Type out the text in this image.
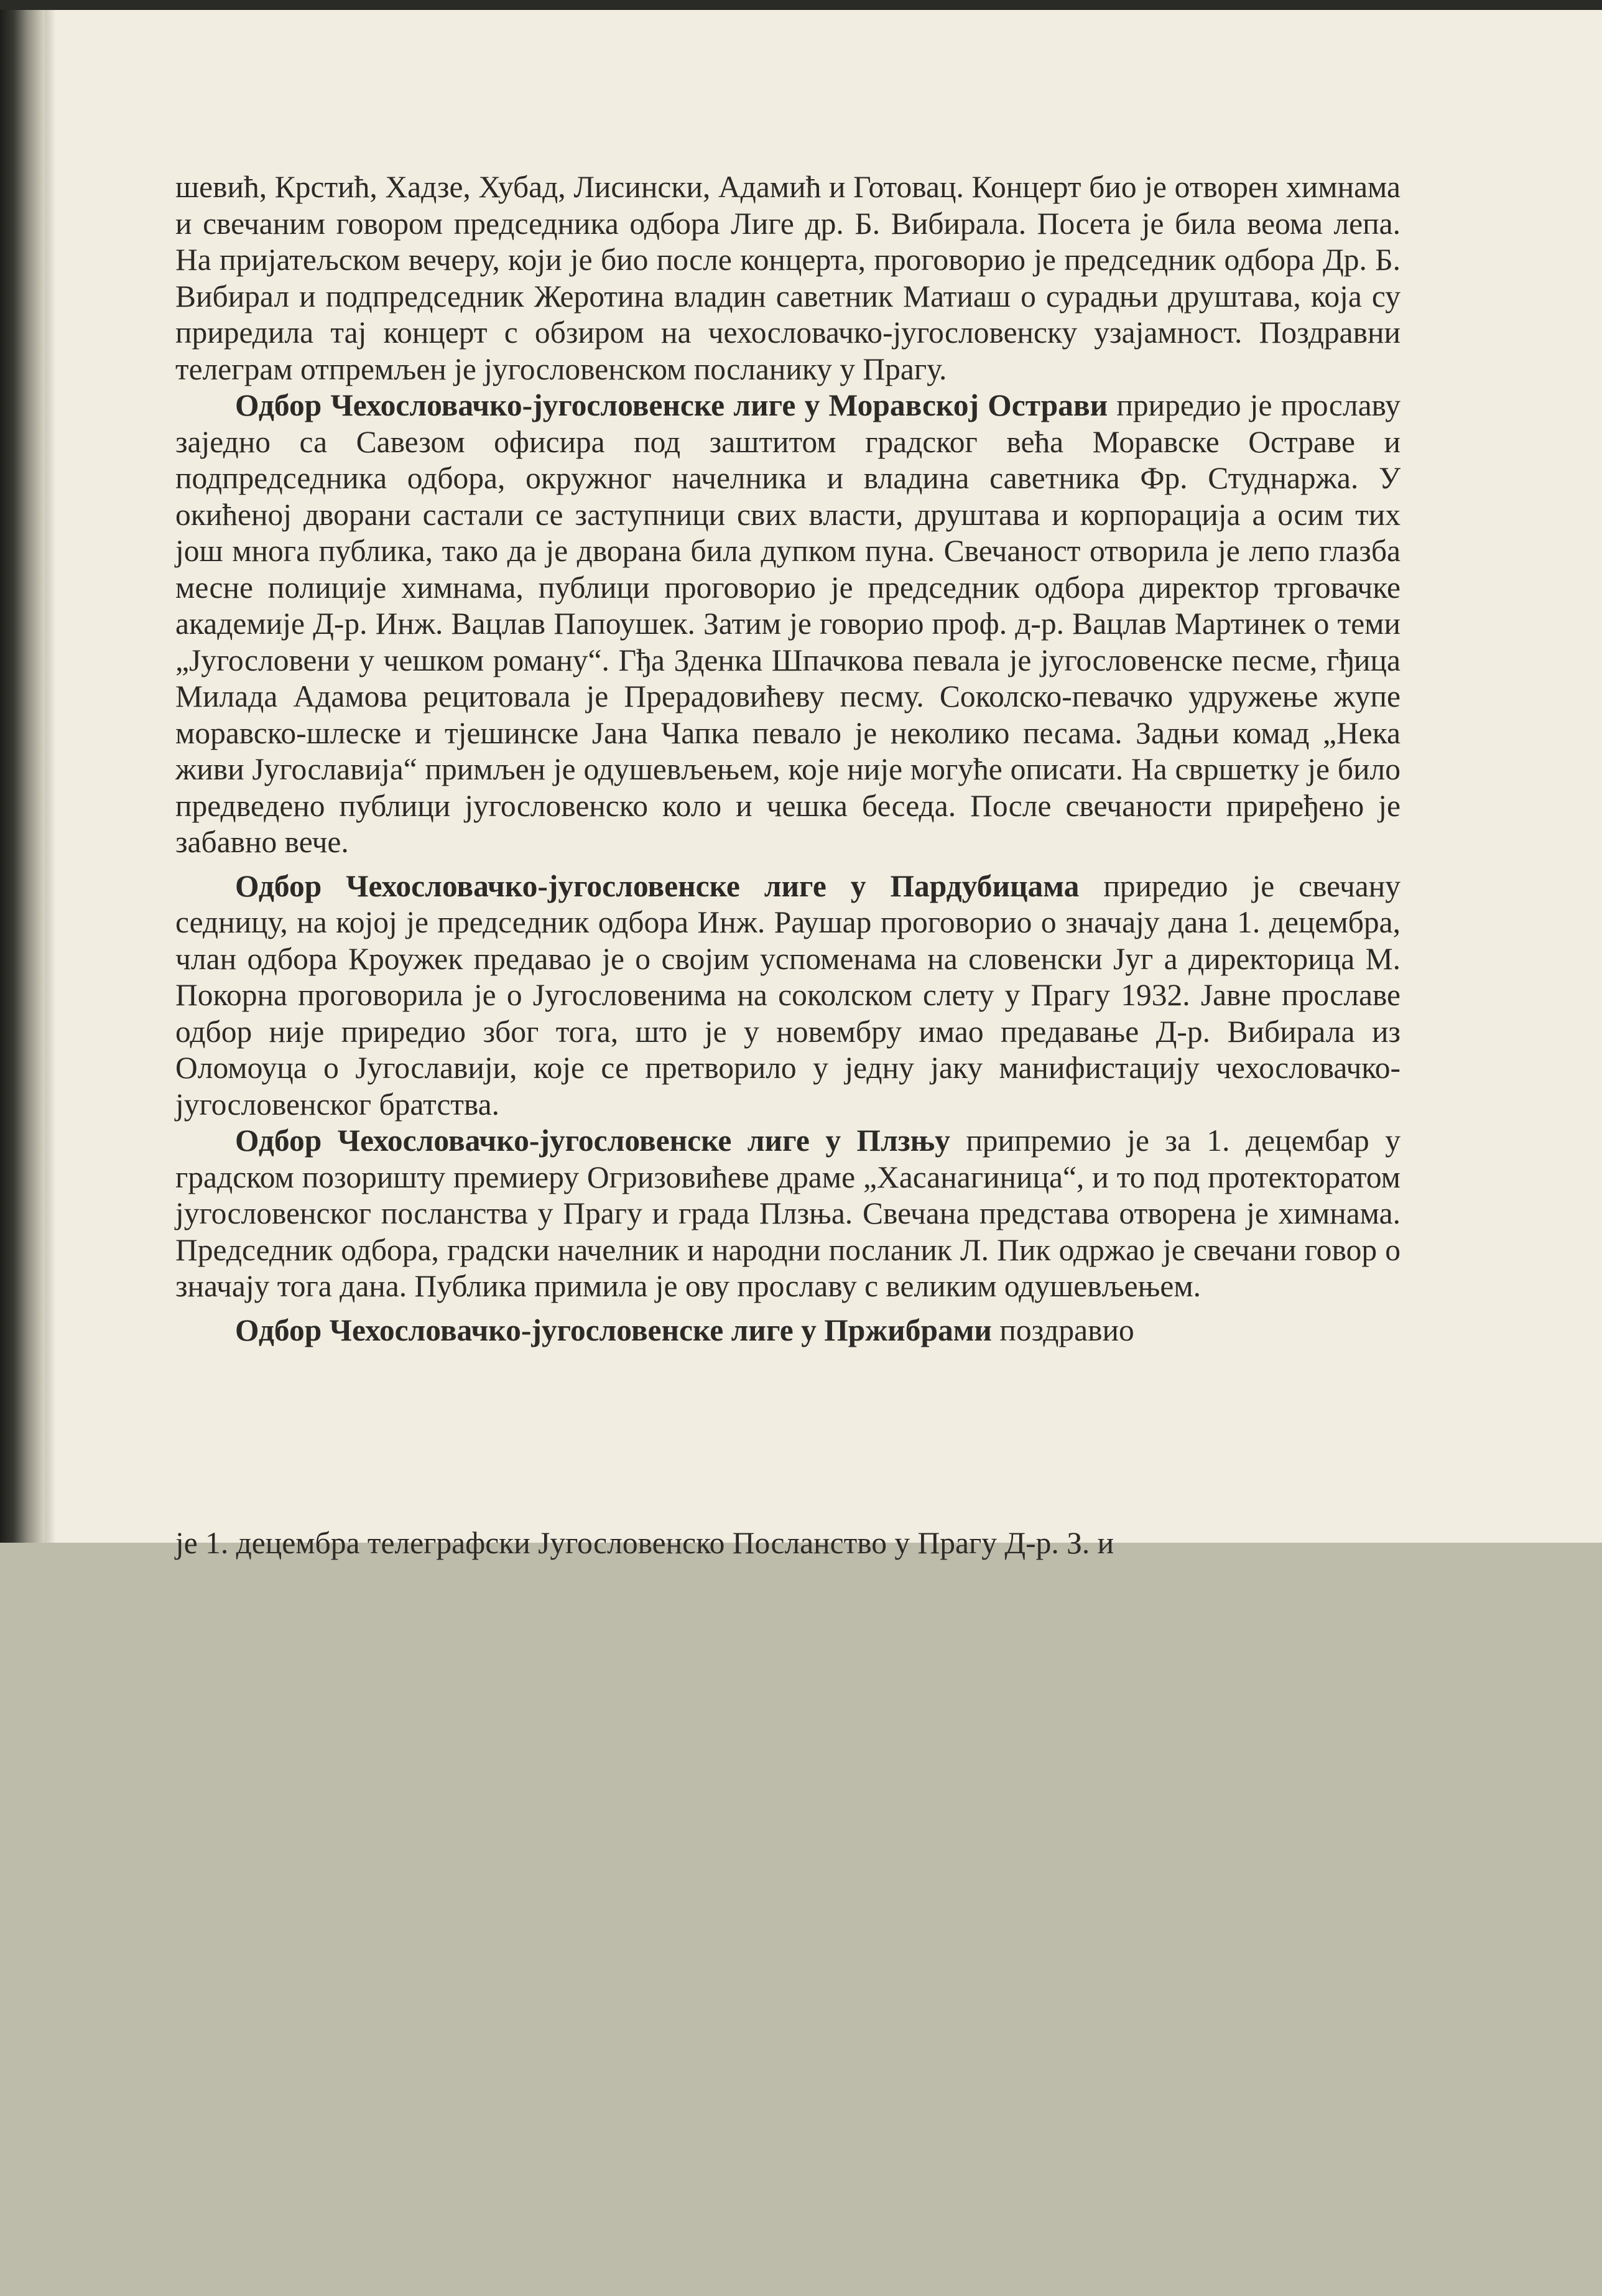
шевић, Крстић, Хадзе, Хубад, Лисински, Адамић и Готовац. Концерт био је отворен химнама и свечаним говором председника одбора Лиге др. Б. Вибирала. Посета је била веома лепа. На пријатељском вечеру, који је био после концерта, проговорио је председник одбора Др. Б. Вибирал и подпредседник Жеротина владин саветник Матиаш о сурадњи друштава, која су приредила тај концерт с обзиром на чехословачко-југословенску узајамност. Поздравни телеграм отпремљен је југословенском посланику у Прагу.

Одбор Чехословачко-југословенске лиге у Моравској Острави приредио је прославу заједно са Савезом офисира под заштитом градског већа Моравске Остраве и подпредседника одбора, окружног начелника и владина саветника Фр. Студнаржа. У окићеној дворани састали се заступници свих власти, друштава и корпорација а осим тих још многа публика, тако да је дворана била дупком пуна. Свечаност отворила је лепо глазба месне полиције химнама, публици проговорио је председник одбора директор трговачке академије Д-р. Инж. Вацлав Папоушек. Затим је говорио проф. д-р. Вацлав Мартинек о теми „Југословени у чешком роману“. Гђа Зденка Шпачкова певала је југословенске песме, гђица Милада Адамова рецитовала је Прерадовићеву песму. Соколско-певачко удружење жупе моравско-шлеске и тјешинске Јана Чапка певало је неколико песама. Задњи комад „Нека живи Југославија“ примљен је одушевљењем, које није могуће описати. На свршетку је било предведено публици југословенско коло и чешка беседа. После свечаности приређено је забавно вече.

Одбор Чехословачко-југословенске лиге у Пардубицама приредио је свечану седницу, на којој је председник одбора Инж. Раушар проговорио о значају дана 1. децембра, члан одбора Кроужек предавао је о својим успоменама на словенски Југ а директорица М. Покорна проговорила је о Југословенима на соколском слету у Прагу 1932. Јавне прославе одбор није приредио због тога, што је у новембру имао предавање Д-р. Вибирала из Оломоуца о Југославији, које се претворило у једну јаку манифистацију чехословачко-југословенског братства.

Одбор Чехословачко-југословенске лиге у Плзњу припремио је за 1. децембар у градском позоришту премиеру Огризовићеве драме „Хасанагиница“, и то под протекторатом југословенског посланства у Прагу и града Плзња. Свечана представа отворена је химнама. Председник одбора, градски начелник и народни посланик Л. Пик одржао је свечани говор о значају тога дана. Публика примила је ову прославу с великим одушевљењем.

Одбор Чехословачко-југословенске лиге у Пржибрами поздравио

је 1. децембра телеграфски Југословенско Посланство у Прагу Д-р. З. и
